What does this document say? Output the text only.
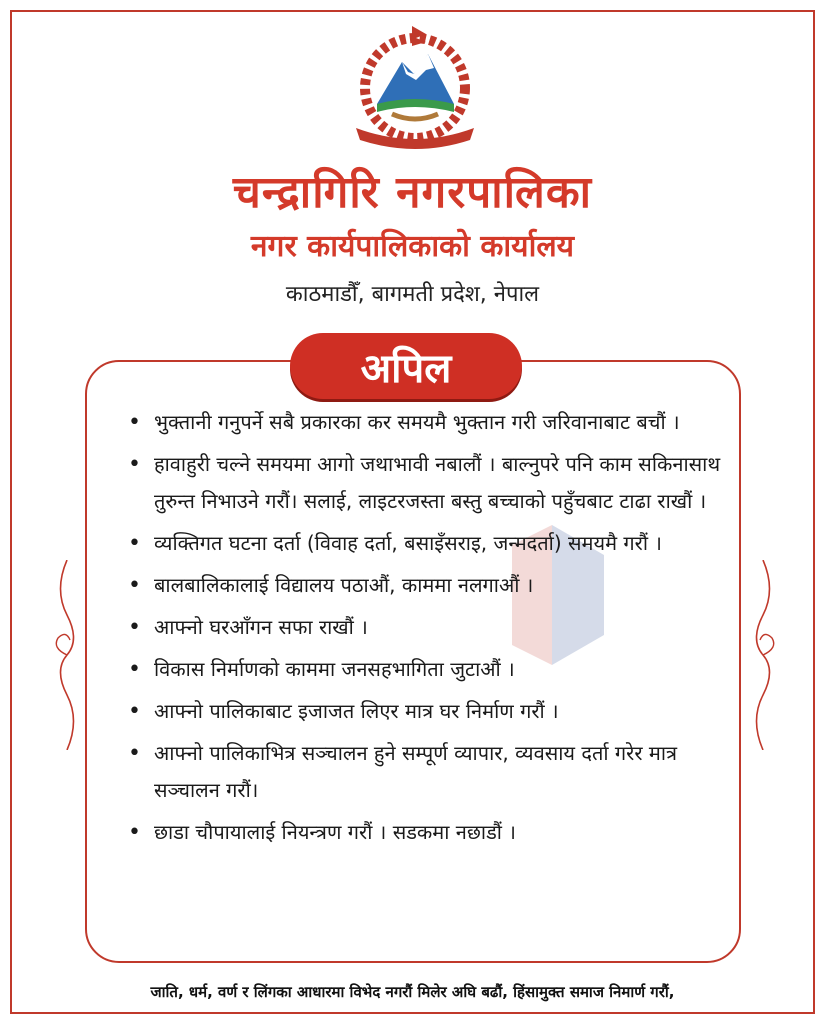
चन्द्रागिरि नगरपालिका
नगर कार्यपालिकाको कार्यालय
काठमाडौँ, बागमती प्रदेश, नेपाल
अपिल
• भुक्तानी गनुपर्ने सबै प्रकारका कर समयमै भुक्तान गरी जरिवानाबाट बचौं ।
• हावाहुरी चल्ने समयमा आगो जथाभावी नबालौं । बाल्नुपरे पनि काम सकिनासाथ तुरुन्त निभाउने गरौं। सलाई, लाइटरजस्ता बस्तु बच्चाको पहुँचबाट टाढा राखौं ।
• व्यक्तिगत घटना दर्ता (विवाह दर्ता, बसाइँसराइ, जन्मदर्ता) समयमै गरौं ।
• बालबालिकालाई विद्यालय पठाऔं, काममा नलगाऔं ।
• आफ्नो घरआँगन सफा राखौं ।
• विकास निर्माणको काममा जनसहभागिता जुटाऔं ।
• आफ्नो पालिकाबाट इजाजत लिएर मात्र घर निर्माण गरौं ।
• आफ्नो पालिकाभित्र सञ्चालन हुने सम्पूर्ण व्यापार, व्यवसाय दर्ता गरेर मात्र सञ्चालन गरौं।
• छाडा चौपायालाई नियन्त्रण गरौं । सडकमा नछाडौं ।
जाति, धर्म, वर्ण र लिंगका आधारमा विभेद नगरौं मिलेर अघि बढौं, हिंसामुक्त समाज निमार्ण गरौं,
